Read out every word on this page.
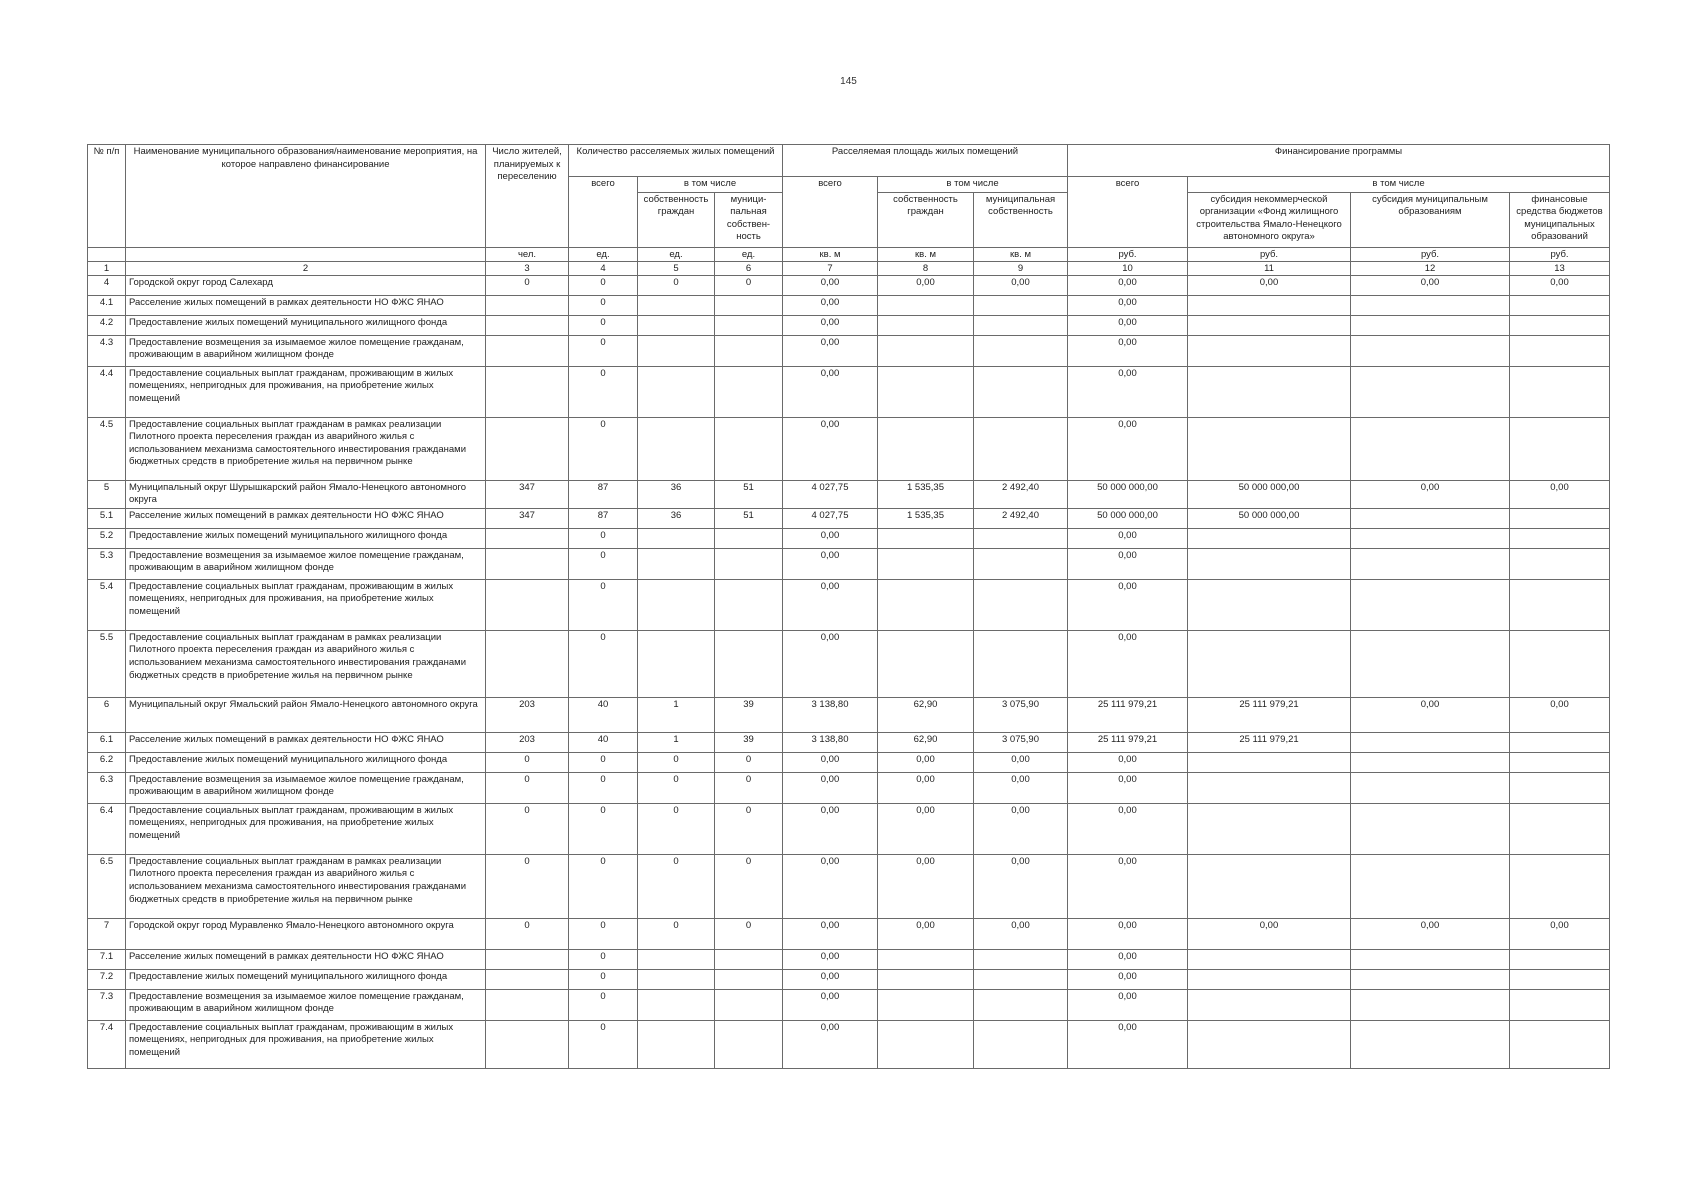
145
№ п/п	Наименование муниципального образования/наименование мероприятия, на которое направлено финансирование	Число жителей, планируемых к переселению	Количество расселяемых жилых помещений			Расселяемая площадь жилых помещений			Финансирование программы			
			всего	в том числе		всего	в том числе		всего	в том числе		
				собственность граждан	муници- пальная собствен- ность		собственность граждан	муниципальная собственность		субсидия некоммерческой организации «Фонд жилищного строительства Ямало-Ненецкого автономного округа»	субсидия муниципальным образованиям	финансовые средства бюджетов муниципальных образований
		чел.	ед.	ед.	ед.	кв. м	кв. м	кв. м	руб.	руб.	руб.	руб.
1	2	3	4	5	6	7	8	9	10	11	12	13
4	Городской округ город Салехард	0	0	0	0	0,00	0,00	0,00	0,00	0,00	0,00	0,00
4.1	Расселение жилых помещений в рамках деятельности НО ФЖС ЯНАО		0			0,00			0,00			
4.2	Предоставление жилых помещений муниципального жилищного фонда		0			0,00			0,00			
4.3	Предоставление возмещения за изымаемое жилое помещение гражданам, проживающим в аварийном жилищном фонде		0			0,00			0,00			
4.4	Предоставление социальных выплат гражданам, проживающим в жилых помещениях, непригодных для проживания, на приобретение жилых помещений		0			0,00			0,00			
4.5	Предоставление социальных выплат гражданам в рамках реализации Пилотного проекта переселения граждан из аварийного жилья с использованием механизма самостоятельного инвестирования гражданами бюджетных средств в приобретение жилья на первичном рынке		0			0,00			0,00			
5	Муниципальный округ Шурышкарский район Ямало-Ненецкого автономного округа	347	87	36	51	4 027,75	1 535,35	2 492,40	50 000 000,00	50 000 000,00	0,00	0,00
5.1	Расселение жилых помещений в рамках деятельности НО ФЖС ЯНАО	347	87	36	51	4 027,75	1 535,35	2 492,40	50 000 000,00	50 000 000,00		
5.2	Предоставление жилых помещений муниципального жилищного фонда		0			0,00			0,00			
5.3	Предоставление возмещения за изымаемое жилое помещение гражданам, проживающим в аварийном жилищном фонде		0			0,00			0,00			
5.4	Предоставление социальных выплат гражданам, проживающим в жилых помещениях, непригодных для проживания, на приобретение жилых помещений		0			0,00			0,00			
5.5	Предоставление социальных выплат гражданам в рамках реализации Пилотного проекта переселения граждан из аварийного жилья с использованием механизма самостоятельного инвестирования гражданами бюджетных средств в приобретение жилья на первичном рынке		0			0,00			0,00			
6	Муниципальный округ Ямальский район Ямало-Ненецкого автономного округа	203	40	1	39	3 138,80	62,90	3 075,90	25 111 979,21	25 111 979,21	0,00	0,00
6.1	Расселение жилых помещений в рамках деятельности НО ФЖС ЯНАО	203	40	1	39	3 138,80	62,90	3 075,90	25 111 979,21	25 111 979,21		
6.2	Предоставление жилых помещений муниципального жилищного фонда	0	0	0	0	0,00	0,00	0,00	0,00			
6.3	Предоставление возмещения за изымаемое жилое помещение гражданам, проживающим в аварийном жилищном фонде	0	0	0	0	0,00	0,00	0,00	0,00			
6.4	Предоставление социальных выплат гражданам, проживающим в жилых помещениях, непригодных для проживания, на приобретение жилых помещений	0	0	0	0	0,00	0,00	0,00	0,00			
6.5	Предоставление социальных выплат гражданам в рамках реализации Пилотного проекта переселения граждан из аварийного жилья с использованием механизма самостоятельного инвестирования гражданами бюджетных средств в приобретение жилья на первичном рынке	0	0	0	0	0,00	0,00	0,00	0,00			
7	Городской округ город Муравленко Ямало-Ненецкого автономного округа	0	0	0	0	0,00	0,00	0,00	0,00	0,00	0,00	0,00
7.1	Расселение жилых помещений в рамках деятельности НО ФЖС ЯНАО		0			0,00			0,00			
7.2	Предоставление жилых помещений муниципального жилищного фонда		0			0,00			0,00			
7.3	Предоставление возмещения за изымаемое жилое помещение гражданам, проживающим в аварийном жилищном фонде		0			0,00			0,00			
7.4	Предоставление социальных выплат гражданам, проживающим в жилых помещениях, непригодных для проживания, на приобретение жилых помещений		0			0,00			0,00			
